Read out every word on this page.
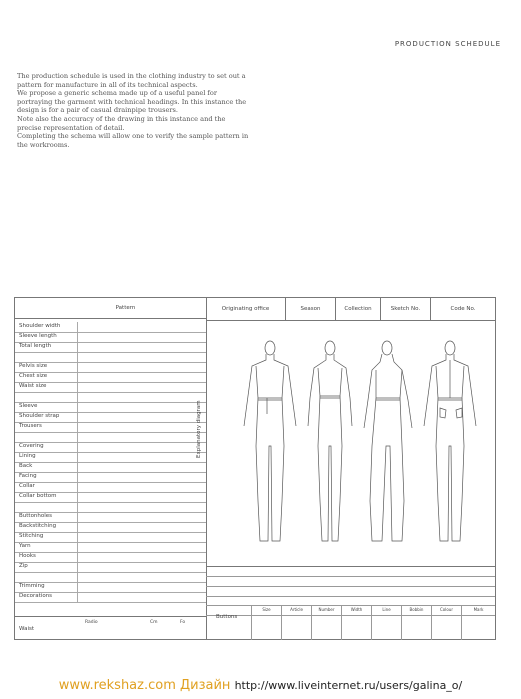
PRODUCTION SCHEDULE

The production schedule is used in the clothing industry to set out a pattern for manufacture in all of its technical aspects.

We propose a generic schema made up of a useful panel for portraying the garment with technical headings. In this instance the design is for a pair of casual drainpipe trousers.

Note also the accuracy of the drawing in this instance and the precise representation of detail.

Completing the schema will allow one to verify the sample pattern in the workrooms.

Pattern
Shoulder width
Sleeve length
Total length
Pelvis size
Chest size
Waist size
Sleeve
Shoulder strap
Trousers
Covering
Lining
Back
Facing
Collar
Collar bottom
Buttonholes
Backstitching
Stitching
Yarn
Hooks
Zip
Trimming
Decorations
Waist
Radio	Cm	Fo
Originating office	Season	Collection	Sketch No.	Code No.
Explanatory diagram
Size	Article	Number	Width	Line	Bobbin	Colour	Mark
Buttons
www.rekshaz.com Дизайн http://www.liveinternet.ru/users/galina_o/
